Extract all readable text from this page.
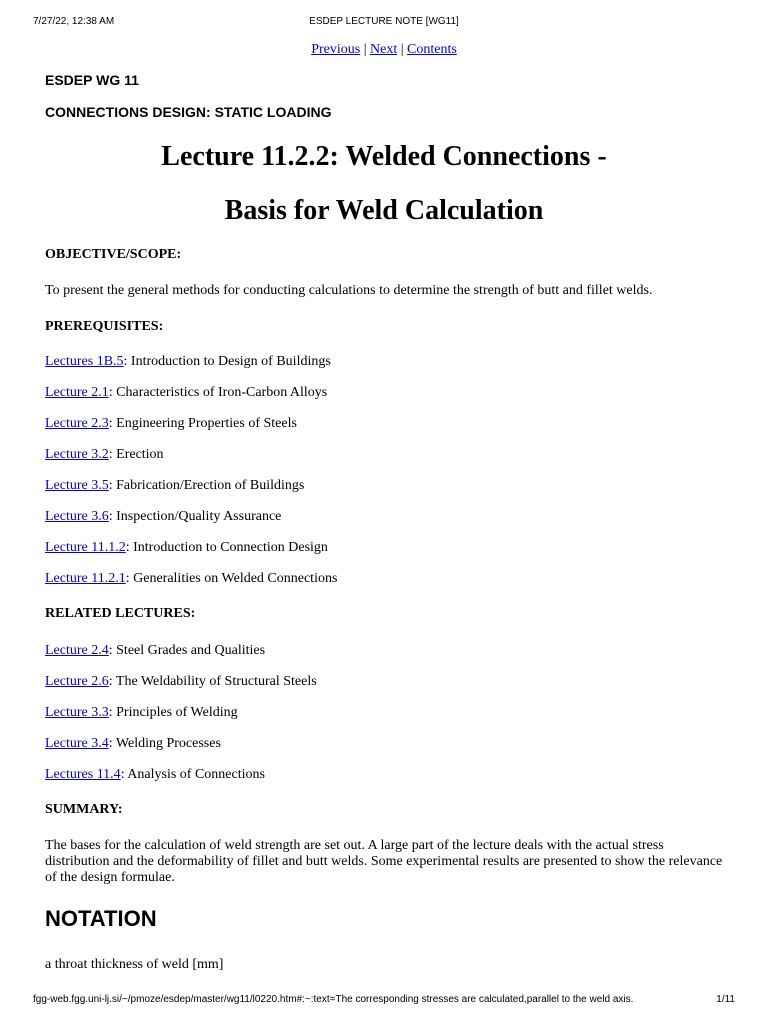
7/27/22, 12:38 AM	ESDEP LECTURE NOTE [WG11]
Previous | Next | Contents
ESDEP WG 11
CONNECTIONS DESIGN: STATIC LOADING
Lecture 11.2.2: Welded Connections -
Basis for Weld Calculation
OBJECTIVE/SCOPE:
To present the general methods for conducting calculations to determine the strength of butt and fillet welds.
PREREQUISITES:
Lectures 1B.5: Introduction to Design of Buildings
Lecture 2.1: Characteristics of Iron-Carbon Alloys
Lecture 2.3: Engineering Properties of Steels
Lecture 3.2: Erection
Lecture 3.5: Fabrication/Erection of Buildings
Lecture 3.6: Inspection/Quality Assurance
Lecture 11.1.2: Introduction to Connection Design
Lecture 11.2.1: Generalities on Welded Connections
RELATED LECTURES:
Lecture 2.4: Steel Grades and Qualities
Lecture 2.6: The Weldability of Structural Steels
Lecture 3.3: Principles of Welding
Lecture 3.4: Welding Processes
Lectures 11.4: Analysis of Connections
SUMMARY:
The bases for the calculation of weld strength are set out. A large part of the lecture deals with the actual stress distribution and the deformability of fillet and butt welds. Some experimental results are presented to show the relevance of the design formulae.
NOTATION
a throat thickness of weld [mm]
fgg-web.fgg.uni-lj.si/~/pmoze/esdep/master/wg11/l0220.htm#:~:text=The corresponding stresses are calculated,parallel to the weld axis.	1/11
